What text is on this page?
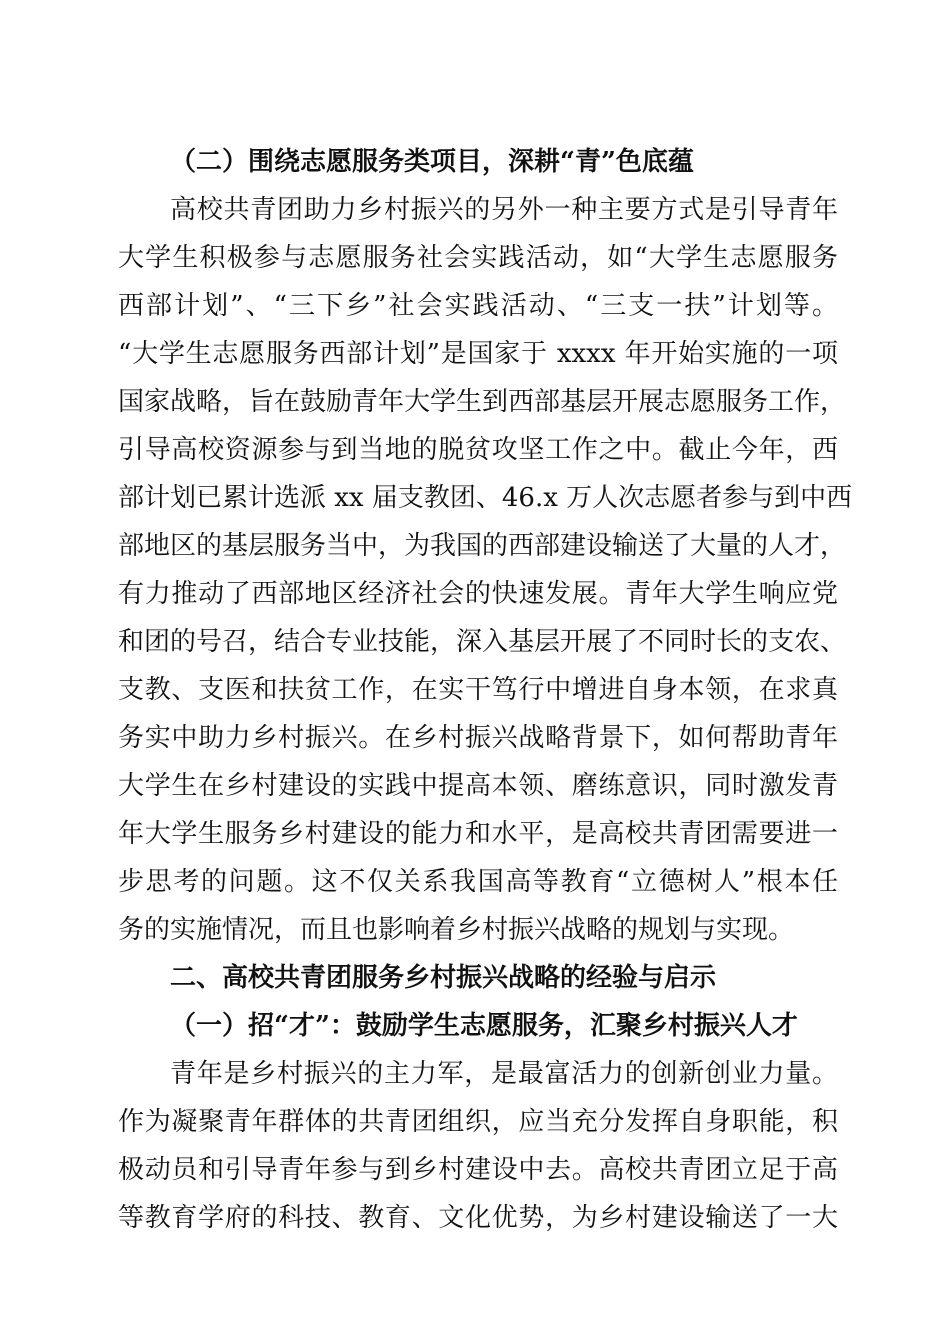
（二）围绕志愿服务类项目，深耕“青”色底蕴
高校共青团助力乡村振兴的另外一种主要方式是引导青年
大学生积极参与志愿服务社会实践活动，如“大学生志愿服务
西部计划”、“三下乡”社会实践活动、“三支一扶”计划等。
“大学生志愿服务西部计划”是国家于 xxxx 年开始实施的一项
国家战略，旨在鼓励青年大学生到西部基层开展志愿服务工作，
引导高校资源参与到当地的脱贫攻坚工作之中。截止今年，西
部计划已累计选派 xx 届支教团、46.x 万人次志愿者参与到中西
部地区的基层服务当中，为我国的西部建设输送了大量的人才，
有力推动了西部地区经济社会的快速发展。青年大学生响应党
和团的号召，结合专业技能，深入基层开展了不同时长的支农、
支教、支医和扶贫工作，在实干笃行中增进自身本领，在求真
务实中助力乡村振兴。在乡村振兴战略背景下，如何帮助青年
大学生在乡村建设的实践中提高本领、磨练意识，同时激发青
年大学生服务乡村建设的能力和水平，是高校共青团需要进一
步思考的问题。这不仅关系我国高等教育“立德树人”根本任
务的实施情况，而且也影响着乡村振兴战略的规划与实现。
二、高校共青团服务乡村振兴战略的经验与启示
（一）招“才”：鼓励学生志愿服务，汇聚乡村振兴人才
青年是乡村振兴的主力军，是最富活力的创新创业力量。
作为凝聚青年群体的共青团组织，应当充分发挥自身职能，积
极动员和引导青年参与到乡村建设中去。高校共青团立足于高
等教育学府的科技、教育、文化优势，为乡村建设输送了一大
